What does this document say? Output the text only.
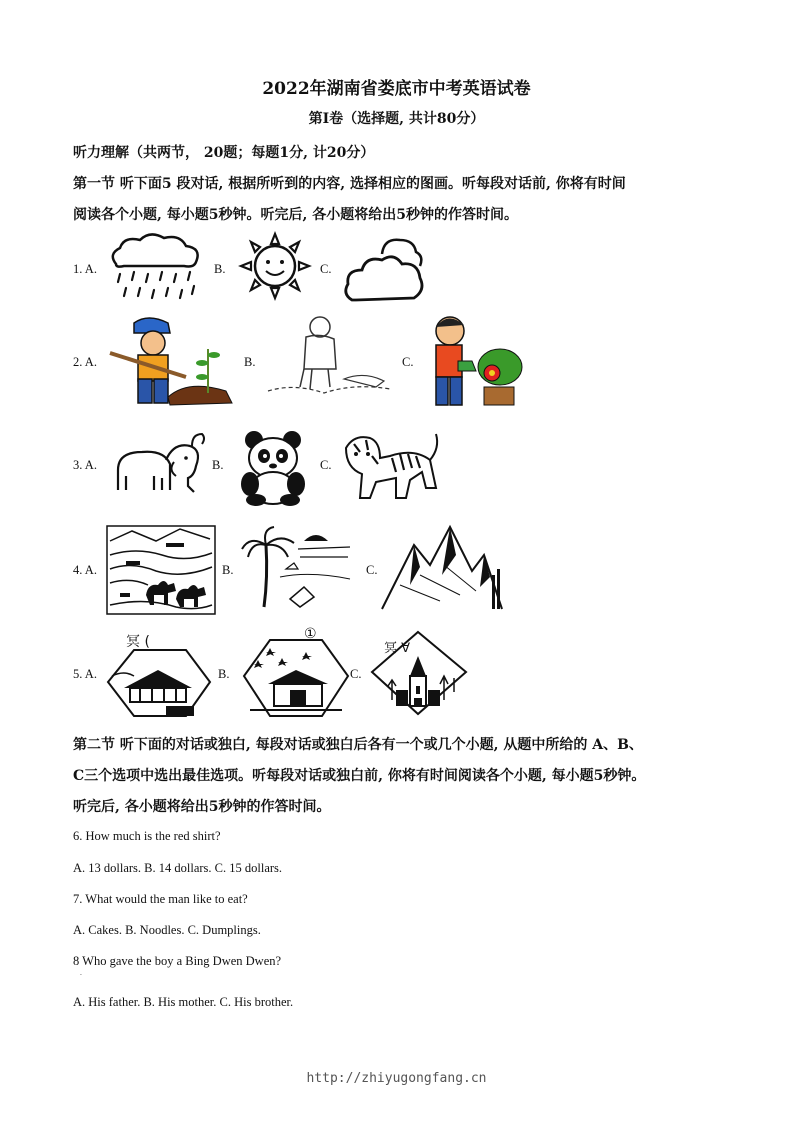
2022年湖南省娄底市中考英语试卷
第I卷（选择题, 共计80分）
听力理解（共两节， 20题；每题1分, 计20分）
第一节 听下面5 段对话, 根据所听到的内容, 选择相应的图画。听每段对话前, 你将有时间
阅读各个小题, 每小题5秒钟。听完后, 各小题将给出5秒钟的作答时间。
1. A.	B.	C.
2. A.	B.	C.
3. A.	B.	C.
4. A.	B.	C.
5. A.	B.	C.
冥 (	①
冥 ∀
第二节 听下面的对话或独白, 每段对话或独白后各有一个或几个小题, 从题中所给的 A、B、
C三个选项中选出最佳选项。听每段对话或独白前, 你将有时间阅读各个小题, 每小题5秒钟。
听完后, 各小题将给出5秒钟的作答时间。
6. How much is the red shirt?
A. 13 dollars. B. 14 dollars. C. 15 dollars.
7. What would the man like to eat?
A. Cakes. B. Noodles. C. Dumplings.
8 Who gave the boy a Bing Dwen Dwen?
.
A. His father. B. His mother. C. His brother.
http://zhiyugongfang.cn
